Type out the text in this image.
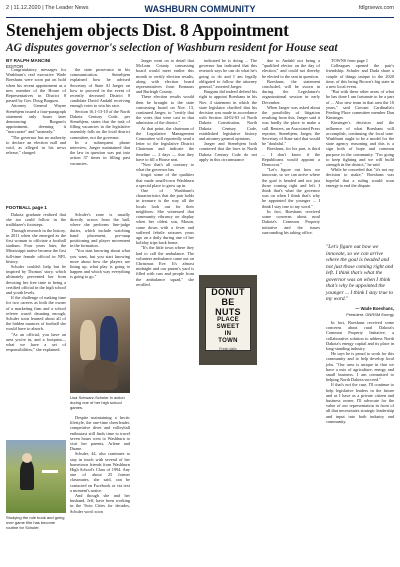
2 | 11.12.2020 | The Leader News	WASHBURN COMMUNITY	fdlgrsews.com
Stenehjem objects Dist. 8 Appointment
AG disputes governor's selection of Washburn resident for House seat
BY RALPH MANCINI
EDITOR

Congratulatory messages for Washburn's real executive Wade Boeshans were soon put on hold when his recent appointment as a new member of the House of Representatives in District 8 passed by Gov. Doug Burgum.

Attorney General Wayne Stenehjem issued a four-paragraph statement only hours later denouncing Burgum's appointment, deeming it "inaccurate" and "unsteady."

"The governor has no authority to declare an election null and void, as alleged in his news release," charged

the state prosecutor in his communication. Stenehjem explained how he advised Secretary of State Al Jaeger on how to proceed in the event of recently deceased District 8 candidate David Andahl receiving enough votes to win his race.

Section 16.1-13-10 of the North Dakota Century Code, per Stenehjem, states that the task of filling vacancies in the legislative assembly falls on the local district committee, not the governor.

In a subsequent phone interview, Jaeger maintained that the law in question was put into action 37 times in filling past vacancies.

Jaeger went on to detail that McLean County canvassing board would meet earlier this month to certify election results, along with election board representatives from Emmons and Burleigh County.

These election results would then be brought to the state canvassing board on Nov. 13, continued Jaeger, to "certify that the votes that were cast in that admission of the district."

At that point, the chairman of the Legislative Management Committee will reportedly send a letter to the legislative District Chairman and indicate the timeline — 2 days — that they have to fill a House seat.

"Now that's all contrary to what the governor has

forgot some of the qualities that made small-town Washburn a special place to grow up in.

One of Washburn's characteristics that the pair holds in treasure is the way all the locals look out for their neighbors. She witnessed that community vibrancy on display when her oldest son, Mason, came down with a fever and suffered febrile seizures years ago on a daily during one of her holiday trips back home.

"It's the little town where they had to call the ambulance. The volunteer ambulance came out on Christmas Eve. It's almost midnight and our parent's yard is filled with cars and people from the ambulance squad," she recalled.

indicated he is doing ... The governor has indicated that this research says he can do what he's going to do and I am legally obligated to follow the attorney general," asserted Jaeger.

Burgum did indeed defend his right to appoint Boeshans in his Nov. 4 statement in which the state legislator clarified that his decision was made in accordance with Section 44-02-03 of North Dakota Constitution, North Dakota Century Code, established legislative history and attorney general opinions.

Jaeger and Stenehjem both countered that the laws in North Dakota Century Code do not apply in this circumstance

due to Andahl not being a "qualified elector on the day of election," and could not thereby be elected to the seat in question.

Boeshans, the statement concluded, will be sworn in during the Legislature's organizational session in early December.

When Jaeger was asked about the possibility of litigation resulting from this, Jaeger said it was hardly the place to make a call. Reuters, an Associated Press reporter, Stenehjem, Jaeger, the Secretary of State said that would be "doubtful."

Boeshans, for his part, is third ... I don't know if the Republicans would appoint a Democrat."

"Let's figure out how we innovate, so we can arrive where the goal is headed and not just those coming right and left. I think that's what the governor was on when I think that's why he appointed the younger ... I think I stay true to my word."

In fact, Boeshans received some concerns about rural Dakota's Common Property initiative and the issues surrounding his taking office.

TOWNS from page 1

Colleagues opened the pair's friendship. Schuler and Duda share a couple of things unique to the 2020 time, of this being Brown's big state in a new local event.

"But with these other areas of what he has done I am fortunate to be a part of ... Also new team in that area the 10 years," said Ciovani Cardinalia's Feeding Place committee member Dan Kinsinger.

Kinsinger's decision and the influence of what Boeshans will accomplish, continuing the local tone. Washburn ought to be a model for the state agency reasoning and this is a sign both of hope and common purpose in the community. "I'm going to keep fighting and we will build strength in the district," he said.

While he conceded that "it's not my decision to make," Boeshans was hopeful that a ruling would soon emerge to end the dispute.

"Let's figure out how we innovate, so we can arrive where the goal is headed and not just those coming right and left. I think that's what the governor was on when I think that's why he appointed the younger ... I think I stay true to my word."
— Wade Boeshans,
President, GNRSM Energy

In fact, Boeshans received some concerns about rural Dakota's Common Property Initiative, a collaborative solution to address North Dakota's energy capital and its place in long-standing industry.

He says he is proud to work for this community and to help develop local jobs. "Our area is unique in that we have a mix of agriculture, energy and small business. I am committed to helping North Dakota succeed."

If that's not the case, I'll continue to help legislative leaders in the future and as I have as a private citizen and business owner, I'll advocate for the value of our representation in front of all that necessitates strategic leadership and input into both industry and community.

FOOTBALL page 1

Dakota graduate realized that she too could follow in the trailblazer's footsteps.

Through research in the history, in 2011 when she emerged as the first woman to officiate a football stadium. Four years later, the Mississippi native became the first full-time female official in NFL history.

Schuler couldn't help but be inspired by Thomas' story, which ultimately prevented her from devoting her free time to being a certified official in the high school and youth levels.

If the challenge of making time for two careers as both the owner of a marketing firm and a school referee wasn't daunting enough, Schuler soon learned about all of the hidden nuances of football she would have to absorb.

"As an official, you have an area you're in, and a footprint—what we have a set of responsibilities," she explained.

Schuler's zone is usually directly across from the ball, where she performs line-judge duties, which include watching hand placement, pre-snap positioning and player movement in the formation.

"You start knowing about what you want, but you start knowing more about how the players are lining up, what play is going to happen and which way everything is going to go."

Lisa Schwarz-Schuler in action during one of her high school games.

Despite maintaining a hectic lifestyle, the one-time cheerleader, competitive diver and volleyball enthusiast still finds time to travel seven hours west to Washburn to visit her parents, Arlene and Duane.

Schuler, 44, also continues to stay in touch with several of her hometown friends from Washburn High School's Class of 1994. Any one of about 25 former classmates, she said, can be contacted on Facebook or via text a moment's notice.

And though she and her husband, Jeff, have been working in the Twin Cities for decades, Schuler won't soon

Studying the rule book and going over game film has become routine for Schuler.
DONUT
BE
NUTS
PLACE
SWEET
IN
TOWN
Fresh daily
